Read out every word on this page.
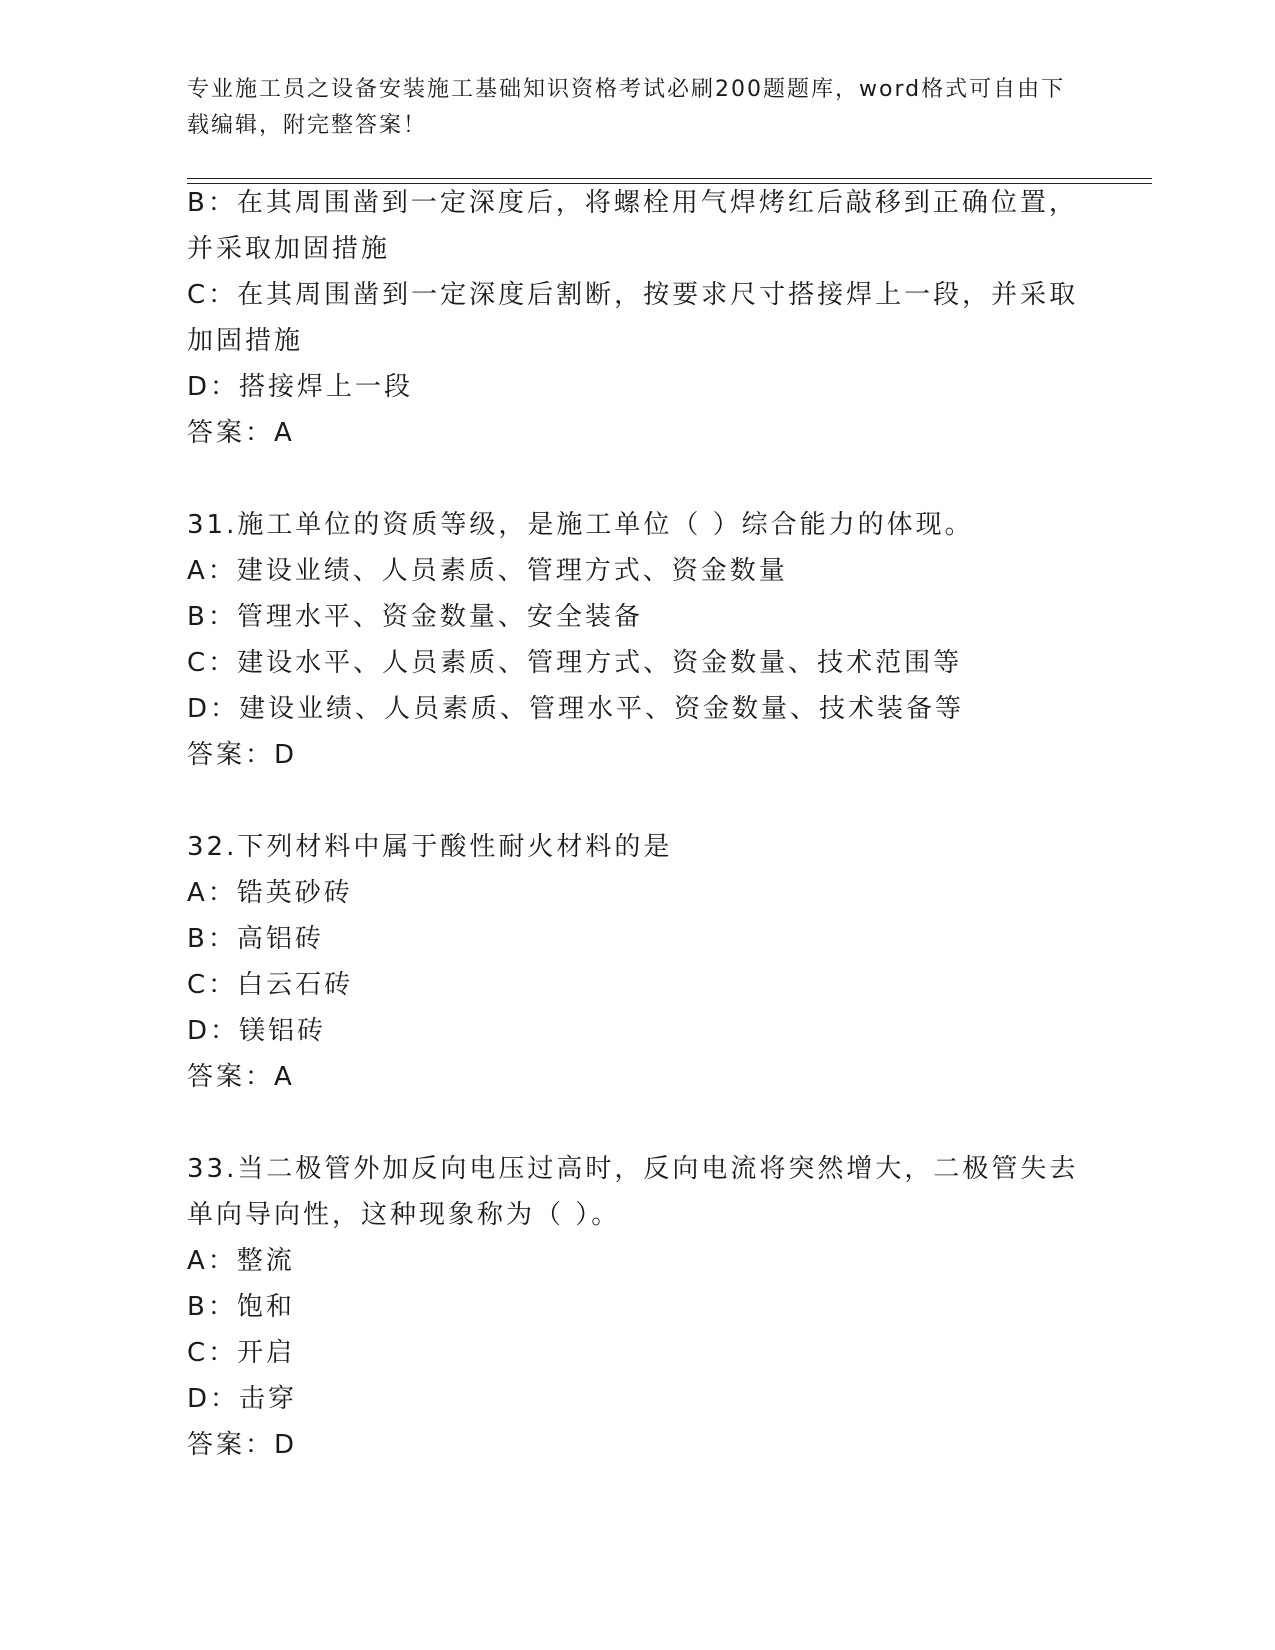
专业施工员之设备安装施工基础知识资格考试必刷200题题库，word格式可自由下载编辑，附完整答案！

B：在其周围凿到一定深度后，将螺栓用气焊烤红后敲移到正确位置，

并采取加固措施

C：在其周围凿到一定深度后割断，按要求尺寸搭接焊上一段，并采取

加固措施

D：搭接焊上一段

答案：A

31.施工单位的资质等级，是施工单位（ ）综合能力的体现。

A：建设业绩、人员素质、管理方式、资金数量

B：管理水平、资金数量、安全装备

C：建设水平、人员素质、管理方式、资金数量、技术范围等

D：建设业绩、人员素质、管理水平、资金数量、技术装备等

答案：D

32.下列材料中属于酸性耐火材料的是

A：锆英砂砖

B：高铝砖

C：白云石砖

D：镁铝砖

答案：A

33.当二极管外加反向电压过高时，反向电流将突然增大，二极管失去

单向导向性，这种现象称为（ ）。

A：整流

B：饱和

C：开启

D：击穿

答案：D
